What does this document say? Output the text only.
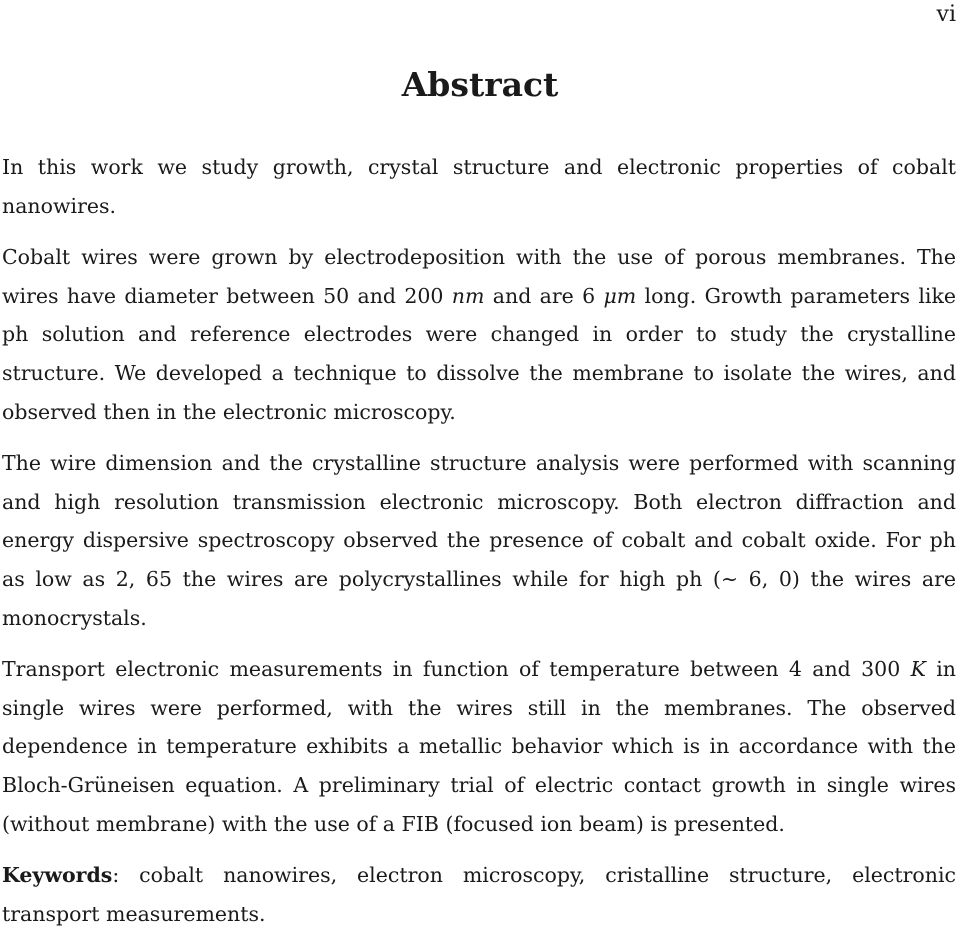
vi
Abstract

In this work we study growth, crystal structure and electronic properties of cobalt nanowires.

Cobalt wires were grown by electrodeposition with the use of porous membranes. The wires have diameter between 50 and 200 nm and are 6 μm long. Growth parameters like ph solution and reference electrodes were changed in order to study the crystalline structure. We developed a technique to dissolve the membrane to isolate the wires, and observed then in the electronic microscopy.

The wire dimension and the crystalline structure analysis were performed with scanning and high resolution transmission electronic microscopy. Both electron diffraction and energy dispersive spectroscopy observed the presence of cobalt and cobalt oxide. For ph as low as 2, 65 the wires are polycrystallines while for high ph (∼ 6, 0) the wires are monocrystals.

Transport electronic measurements in function of temperature between 4 and 300 K in single wires were performed, with the wires still in the membranes. The observed dependence in temperature exhibits a metallic behavior which is in accordance with the Bloch-Grüneisen equation. A preliminary trial of electric contact growth in single wires (without membrane) with the use of a FIB (focused ion beam) is presented.

Keywords: cobalt nanowires, electron microscopy, cristalline structure, electronic transport measurements.
